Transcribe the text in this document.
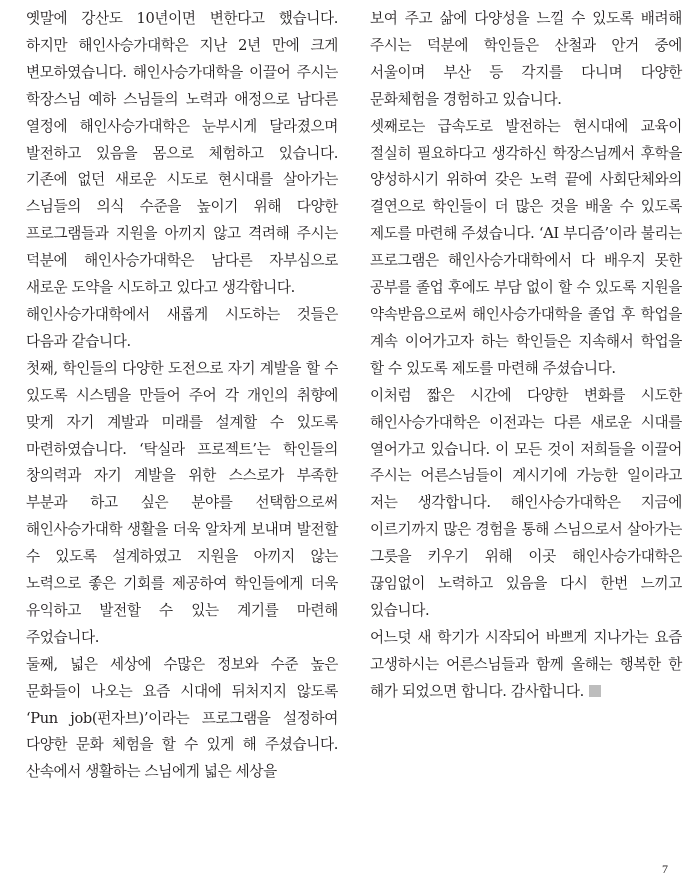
옛말에 강산도 10년이면 변한다고 했습니다. 하지만 해인사승가대학은 지난 2년 만에 크게 변모하였습니다. 해인사승가대학을 이끌어 주시는 학장스님 예하 스님들의 노력과 애정으로 남다른 열정에 해인사승가대학은 눈부시게 달라졌으며 발전하고 있음을 몸으로 체험하고 있습니다. 기존에 없던 새로운 시도로 현시대를 살아가는 스님들의 의식 수준을 높이기 위해 다양한 프로그램들과 지원을 아끼지 않고 격려해 주시는 덕분에 해인사승가대학은 남다른 자부심으로 새로운 도약을 시도하고 있다고 생각합니다.

해인사승가대학에서 새롭게 시도하는 것들은 다음과 같습니다.

첫째, 학인들의 다양한 도전으로 자기 계발을 할 수 있도록 시스템을 만들어 주어 각 개인의 취향에 맞게 자기 계발과 미래를 설계할 수 있도록 마련하였습니다. ‘탁실라 프로젝트’는 학인들의 창의력과 자기 계발을 위한 스스로가 부족한 부분과 하고 싶은 분야를 선택함으로써 해인사승가대학 생활을 더욱 알차게 보내며 발전할 수 있도록 설계하였고 지원을 아끼지 않는 노력으로 좋은 기회를 제공하여 학인들에게 더욱 유익하고 발전할 수 있는 계기를 마련해 주었습니다.

둘째, 넓은 세상에 수많은 정보와 수준 높은 문화들이 나오는 요즘 시대에 뒤처지지 않도록 ‘Pun job(펀자브)’이라는 프로그램을 설정하여 다양한 문화 체험을 할 수 있게 해 주셨습니다. 산속에서 생활하는 스님에게 넓은 세상을

보여 주고 삶에 다양성을 느낄 수 있도록 배려해 주시는 덕분에 학인들은 산철과 안거 중에 서울이며 부산 등 각지를 다니며 다양한 문화체험을 경험하고 있습니다.

셋째로는 급속도로 발전하는 현시대에 교육이 절실히 필요하다고 생각하신 학장스님께서 후학을 양성하시기 위하여 갖은 노력 끝에 사회단체와의 결연으로 학인들이 더 많은 것을 배울 수 있도록 제도를 마련해 주셨습니다. ‘AI 부디즘’이라 불리는 프로그램은 해인사승가대학에서 다 배우지 못한 공부를 졸업 후에도 부담 없이 할 수 있도록 지원을 약속받음으로써 해인사승가대학을 졸업 후 학업을 계속 이어가고자 하는 학인들은 지속해서 학업을 할 수 있도록 제도를 마련해 주셨습니다.

이처럼 짧은 시간에 다양한 변화를 시도한 해인사승가대학은 이전과는 다른 새로운 시대를 열어가고 있습니다. 이 모든 것이 저희들을 이끌어 주시는 어른스님들이 계시기에 가능한 일이라고 저는 생각합니다. 해인사승가대학은 지금에 이르기까지 많은 경험을 통해 스님으로서 살아가는 그릇을 키우기 위해 이곳 해인사승가대학은 끊임없이 노력하고 있음을 다시 한번 느끼고 있습니다.

어느덧 새 학기가 시작되어 바쁘게 지나가는 요즘 고생하시는 어른스님들과 함께 올해는 행복한 한 해가 되었으면 합니다. 감사합니다.

7
